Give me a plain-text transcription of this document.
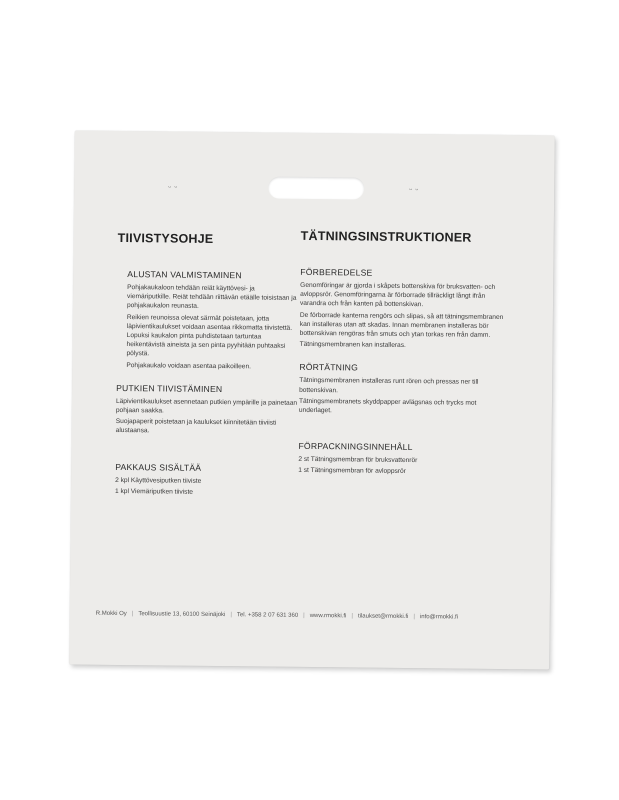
ᴗ ᴗ	ᴗ ᴗ
TIIVISTYSOHJE
ALUSTAN VALMISTAMINEN
Pohjakaukaloon tehdään reiät käyttövesi- ja viemäriputkille. Reiät tehdään riittävän etäälle toisistaan ja pohjakaukalon reunasta.
Reikien reunoissa olevat särmät poistetaan, jotta läpivientikaulukset voidaan asentaa rikkomatta tiivistettä. Lopuksi kaukalon pinta puhdistetaan tartuntaa heikentävistä aineista ja sen pinta pyyhitään puhtaaksi pölystä.
Pohjakaukalo voidaan asentaa paikoilleen.
PUTKIEN TIIVISTÄMINEN
Läpivientikaulukset asennetaan putkien ympärille ja painetaan pohjaan saakka.
Suojapaperit poistetaan ja kaulukset kiinnitetään tiiviisti alustaansa.
PAKKAUS SISÄLTÄÄ
2 kpl Käyttövesiputken tiiviste
1 kpl Viemäriputken tiiviste
TÄTNINGSINSTRUKTIONER
FÖRBEREDELSE
Genomföringar är gjorda i skåpets bottenskiva för bruksvatten- och avloppsrör. Genomföringarna är förborrade tillräckligt långt ifrån varandra och från kanten på bottenskivan.
De förborrade kanterna rengörs och slipas, så att tätningsmembranen kan installeras utan att skadas. Innan membranen installeras bör bottenskivan rengöras från smuts och ytan torkas ren från damm.
Tätningsmembranen kan installeras.
RÖRTÄTNING
Tätningsmembranen installeras runt rören och pressas ner till bottenskivan.
Tätningsmembranets skyddpapper avlägsnas och trycks mot underlaget.
FÖRPACKNINGSINNEHÅLL
2 st Tätningsmembran för bruksvattenrör
1 st Tätningsmembran för avloppsrör
R.Mokki Oy | Teollisuustie 13, 60100 Seinäjoki | Tel. +358 2 07 631 360 | www.rmokki.fi | tilaukset@rmokki.fi | info@rmokki.fi
